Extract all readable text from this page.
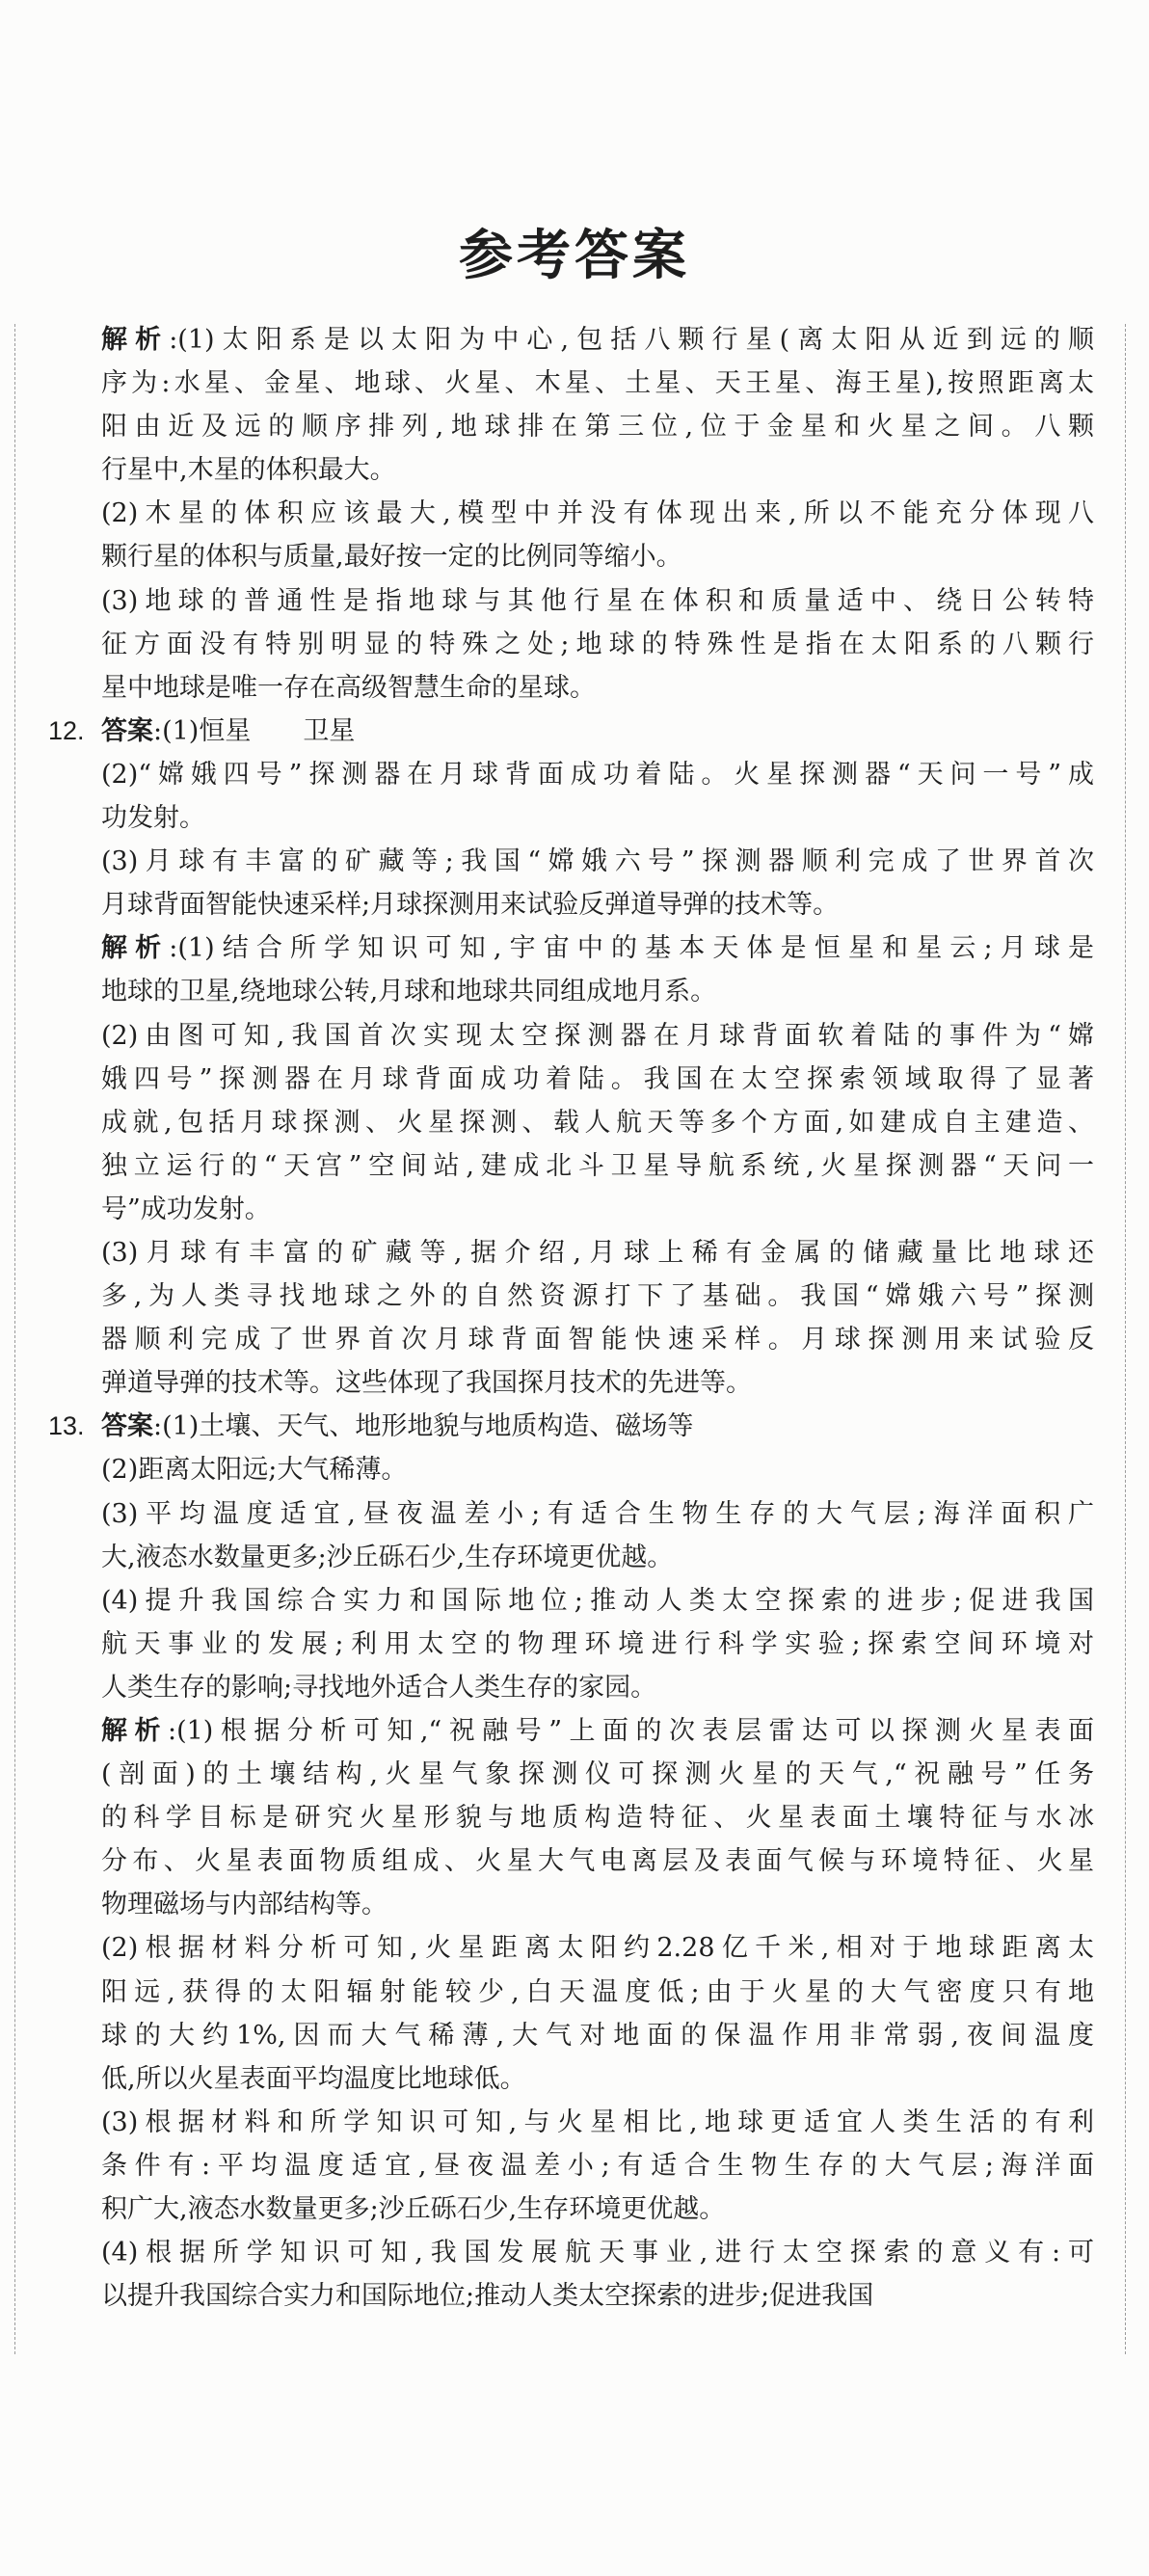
参考答案
解析:(1)太阳系是以太阳为中心,包括八颗行星(离太阳从近到远的顺
序为:水星、金星、地球、火星、木星、土星、天王星、海王星),按照距离太
阳由近及远的顺序排列,地球排在第三位,位于金星和火星之间。八颗
行星中,木星的体积最大。
(2)木星的体积应该最大,模型中并没有体现出来,所以不能充分体现八
颗行星的体积与质量,最好按一定的比例同等缩小。
(3)地球的普通性是指地球与其他行星在体积和质量适中、绕日公转特
征方面没有特别明显的特殊之处;地球的特殊性是指在太阳系的八颗行
星中地球是唯一存在高级智慧生命的星球。
12. 答案:(1)恒星　　卫星
(2)“嫦娥四号”探测器在月球背面成功着陆。火星探测器“天问一号”成
功发射。
(3)月球有丰富的矿藏等;我国“嫦娥六号”探测器顺利完成了世界首次
月球背面智能快速采样;月球探测用来试验反弹道导弹的技术等。
解析:(1)结合所学知识可知,宇宙中的基本天体是恒星和星云;月球是
地球的卫星,绕地球公转,月球和地球共同组成地月系。
(2)由图可知,我国首次实现太空探测器在月球背面软着陆的事件为“嫦
娥四号”探测器在月球背面成功着陆。我国在太空探索领域取得了显著
成就,包括月球探测、火星探测、载人航天等多个方面,如建成自主建造、
独立运行的“天宫”空间站,建成北斗卫星导航系统,火星探测器“天问一
号”成功发射。
(3)月球有丰富的矿藏等,据介绍,月球上稀有金属的储藏量比地球还
多,为人类寻找地球之外的自然资源打下了基础。我国“嫦娥六号”探测
器顺利完成了世界首次月球背面智能快速采样。月球探测用来试验反
弹道导弹的技术等。这些体现了我国探月技术的先进等。
13. 答案:(1)土壤、天气、地形地貌与地质构造、磁场等
(2)距离太阳远;大气稀薄。
(3)平均温度适宜,昼夜温差小;有适合生物生存的大气层;海洋面积广
大,液态水数量更多;沙丘砾石少,生存环境更优越。
(4)提升我国综合实力和国际地位;推动人类太空探索的进步;促进我国
航天事业的发展;利用太空的物理环境进行科学实验;探索空间环境对
人类生存的影响;寻找地外适合人类生存的家园。
解析:(1)根据分析可知,“祝融号”上面的次表层雷达可以探测火星表面
(剖面)的土壤结构,火星气象探测仪可探测火星的天气,“祝融号”任务
的科学目标是研究火星形貌与地质构造特征、火星表面土壤特征与水冰
分布、火星表面物质组成、火星大气电离层及表面气候与环境特征、火星
物理磁场与内部结构等。
(2)根据材料分析可知,火星距离太阳约2.28亿千米,相对于地球距离太
阳远,获得的太阳辐射能较少,白天温度低;由于火星的大气密度只有地
球的大约1%,因而大气稀薄,大气对地面的保温作用非常弱,夜间温度
低,所以火星表面平均温度比地球低。
(3)根据材料和所学知识可知,与火星相比,地球更适宜人类生活的有利
条件有:平均温度适宜,昼夜温差小;有适合生物生存的大气层;海洋面
积广大,液态水数量更多;沙丘砾石少,生存环境更优越。
(4)根据所学知识可知,我国发展航天事业,进行太空探索的意义有:可
以提升我国综合实力和国际地位;推动人类太空探索的进步;促进我国
